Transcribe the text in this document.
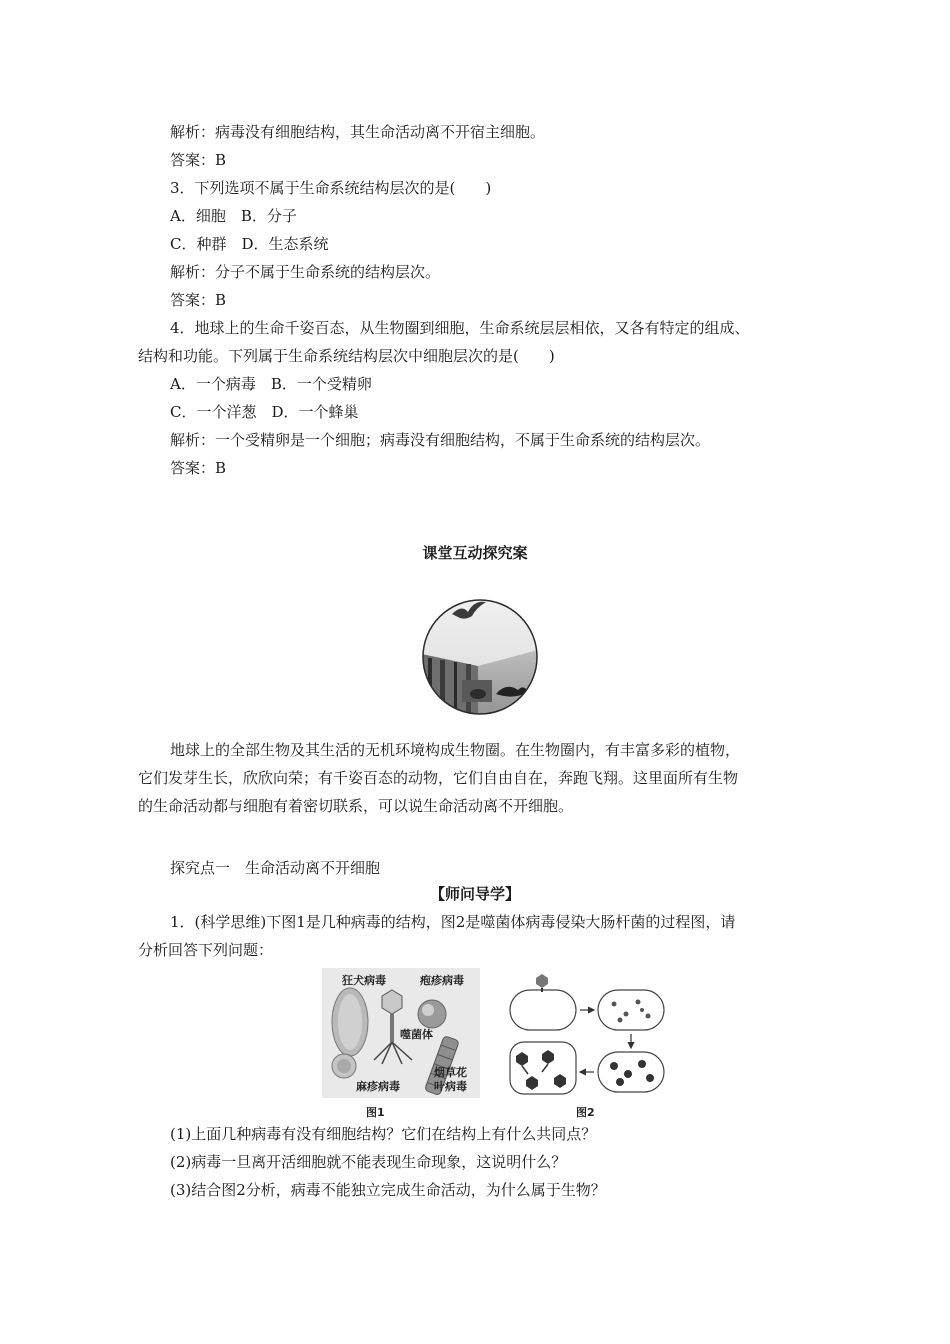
解析：病毒没有细胞结构，其生命活动离不开宿主细胞。
答案：B
3．下列选项不属于生命系统结构层次的是(　　)
A．细胞　B．分子
C．种群　D．生态系统
解析：分子不属于生命系统的结构层次。
答案：B
4．地球上的生命千姿百态，从生物圈到细胞，生命系统层层相依，又各有特定的组成、
结构和功能。下列属于生命系统结构层次中细胞层次的是(　　)
A．一个病毒　B．一个受精卵
C．一个洋葱　D．一个蜂巢
解析：一个受精卵是一个细胞；病毒没有细胞结构，不属于生命系统的结构层次。
答案：B
课堂互动探究案
地球上的全部生物及其生活的无机环境构成生物圈。在生物圈内，有丰富多彩的植物，
它们发芽生长，欣欣向荣；有千姿百态的动物，它们自由自在，奔跑飞翔。这里面所有生物
的生命活动都与细胞有着密切联系，可以说生命活动离不开细胞。
探究点一　生命活动离不开细胞
【师问导学】
1．(科学思维)下图1是几种病毒的结构，图2是噬菌体病毒侵染大肠杆菌的过程图，请
分析回答下列问题：
狂犬病毒	疱疹病毒
噬菌体
麻疹病毒
烟草花
叶病毒
图1	图2
(1)上面几种病毒有没有细胞结构？它们在结构上有什么共同点？
(2)病毒一旦离开活细胞就不能表现生命现象，这说明什么？
(3)结合图2分析，病毒不能独立完成生命活动，为什么属于生物？
